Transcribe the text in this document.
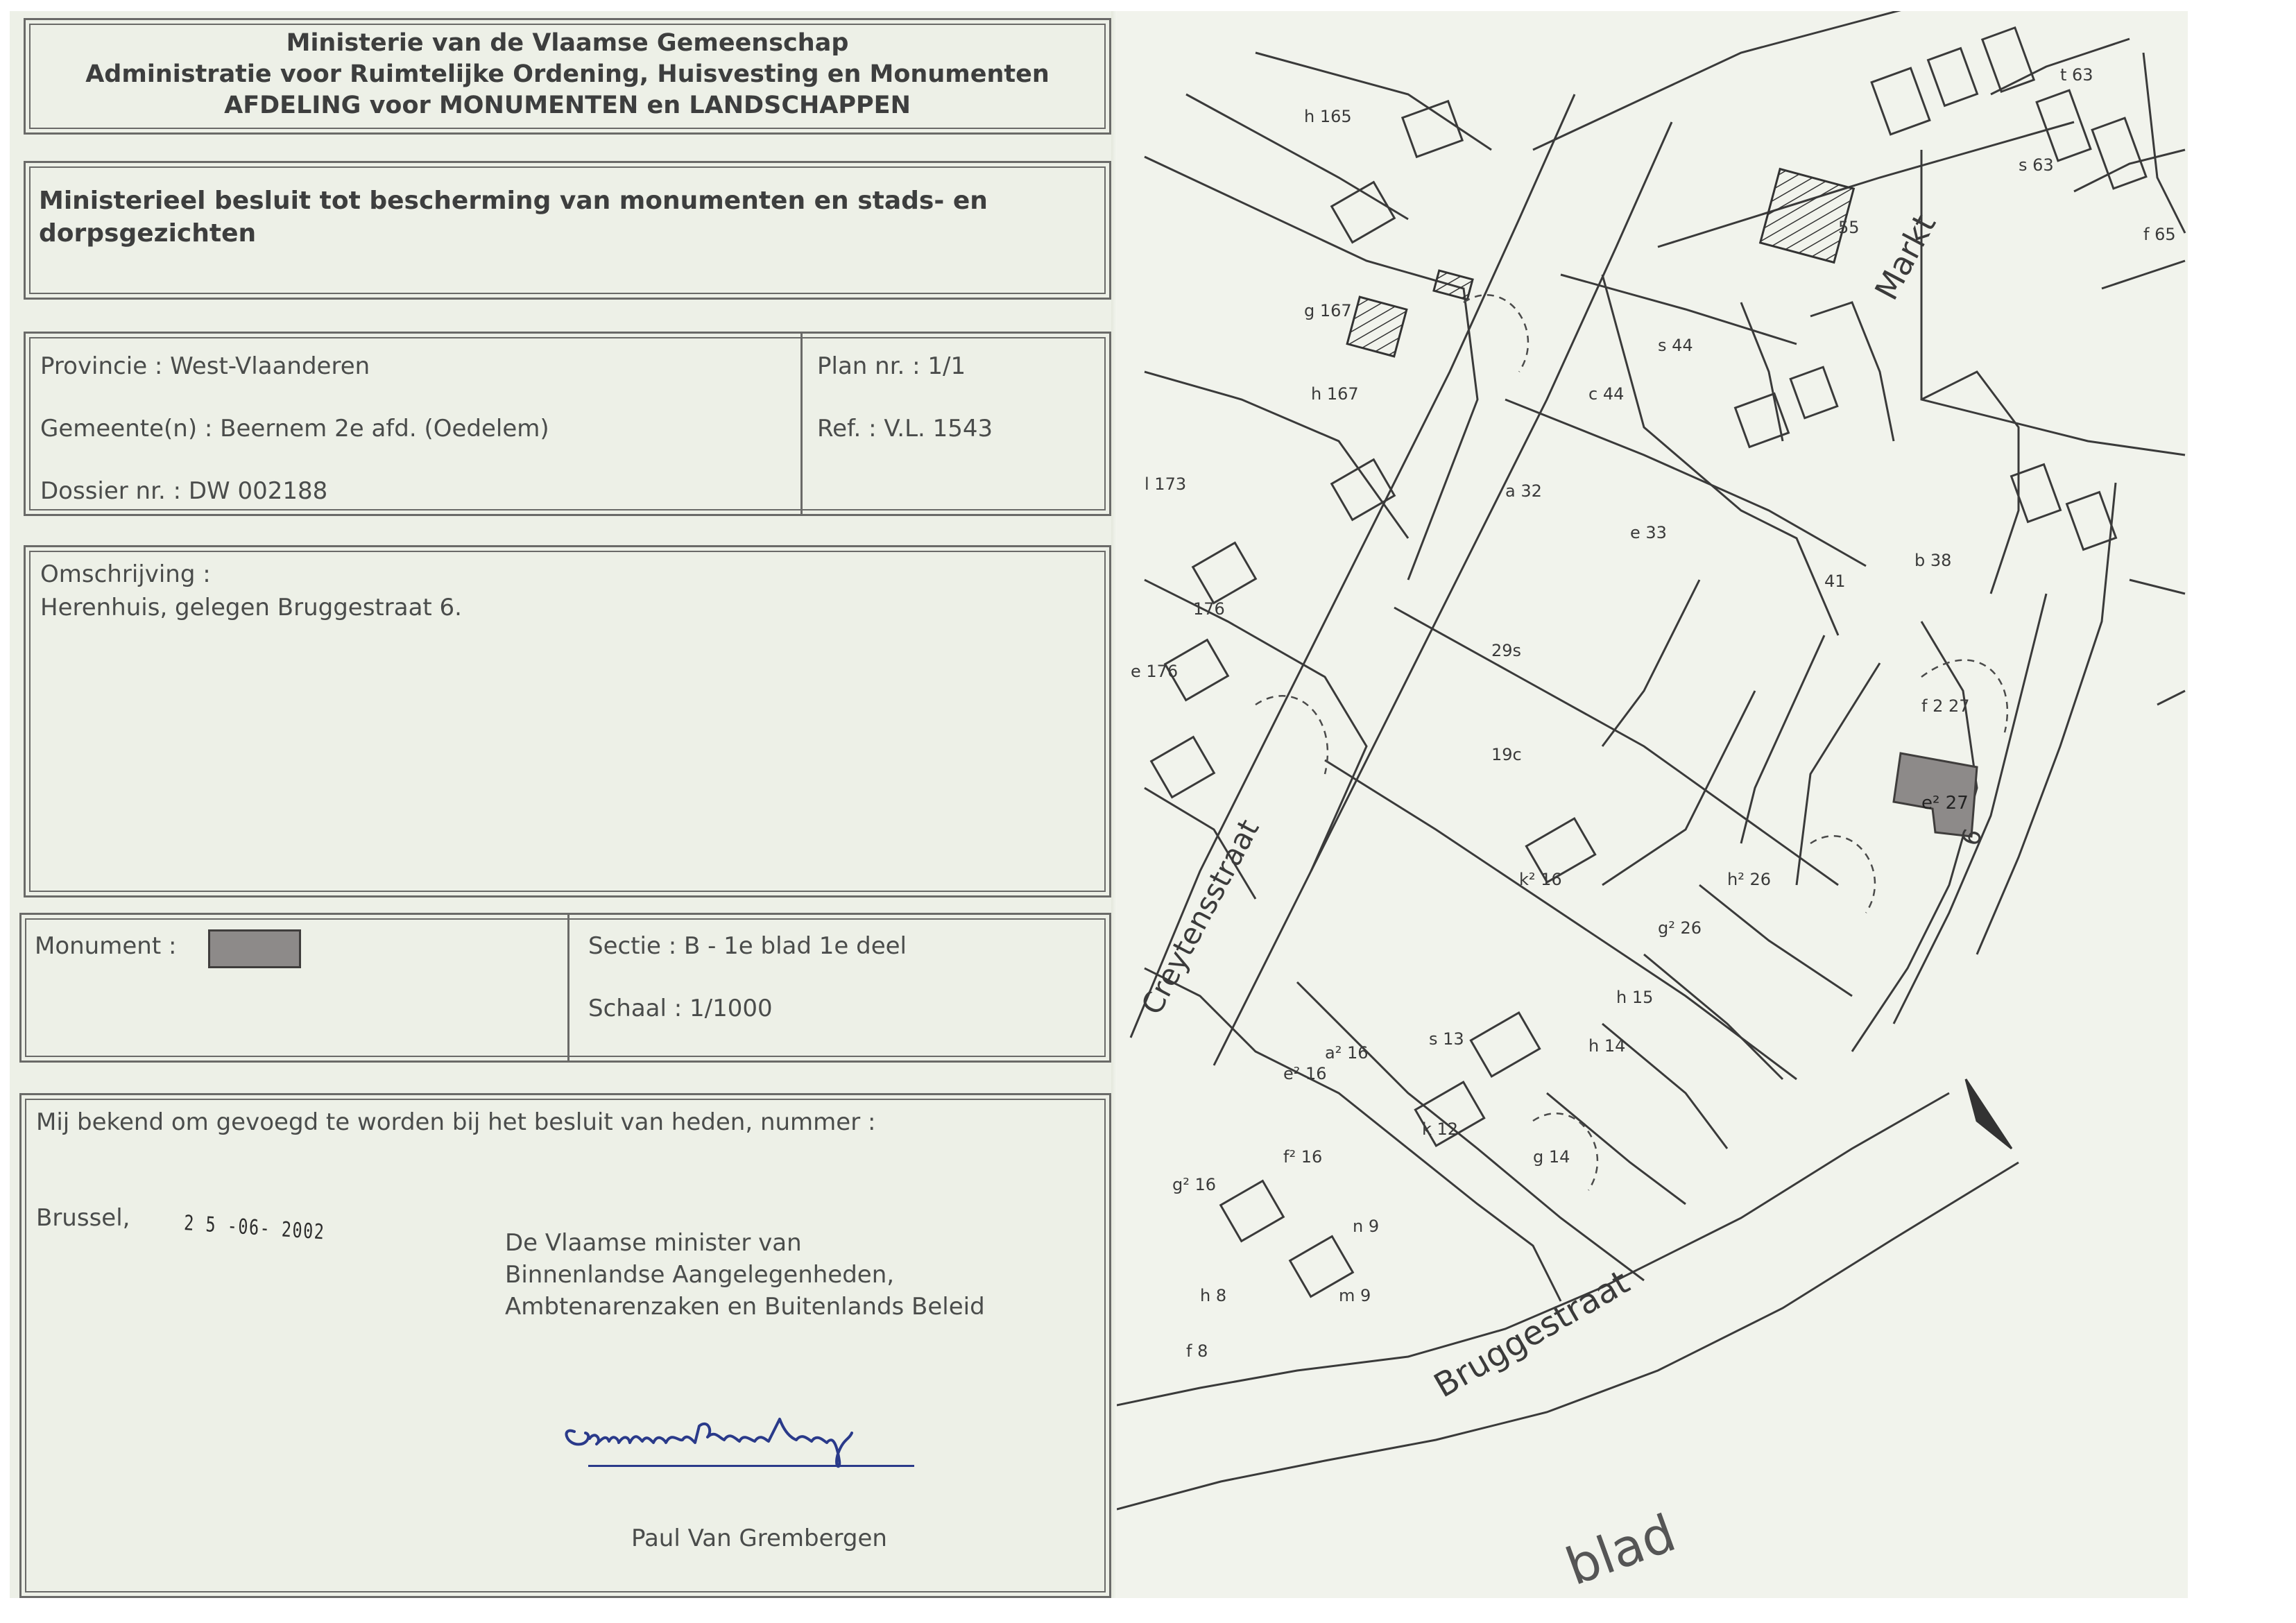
Ministerie van de Vlaamse Gemeenschap
Administratie voor Ruimtelijke Ordening, Huisvesting en Monumenten
AFDELING voor MONUMENTEN en LANDSCHAPPEN
Ministerieel besluit tot bescherming van monumenten en stads- en dorpsgezichten
Provincie : West-Vlaanderen
Gemeente(n) : Beernem 2e afd. (Oedelem)
Dossier nr. : DW 002188
Plan nr. : 1/1
Ref. : V.L. 1543
Omschrijving :
Herenhuis, gelegen Bruggestraat 6.
Monument :	Sectie : B - 1e blad 1e deel
Schaal : 1/1000
Mij bekend om gevoegd te worden bij het besluit van heden, nummer :
Brussel,	2 5 -06- 2002	De Vlaamse minister van
Binnenlandse Aangelegenheden,
Ambtenarenzaken en Buitenlands Beleid
Paul Van Grembergen
Markt
Bruggestraat
Creytensstraat
blad
6
e² 27
h 165
g 167
h 167
l 173
176
e 176
a 32
e 33
29s
19c
k² 16	h² 26
g² 26
h 15
h 14
s 13
e² 16
a² 16
f² 16
g² 16
k 12
n 9
m 9
g 14
h 8
f 8
b 38
41
f 2 27
s 63
t 63
f 65
55
c 44
s 44
